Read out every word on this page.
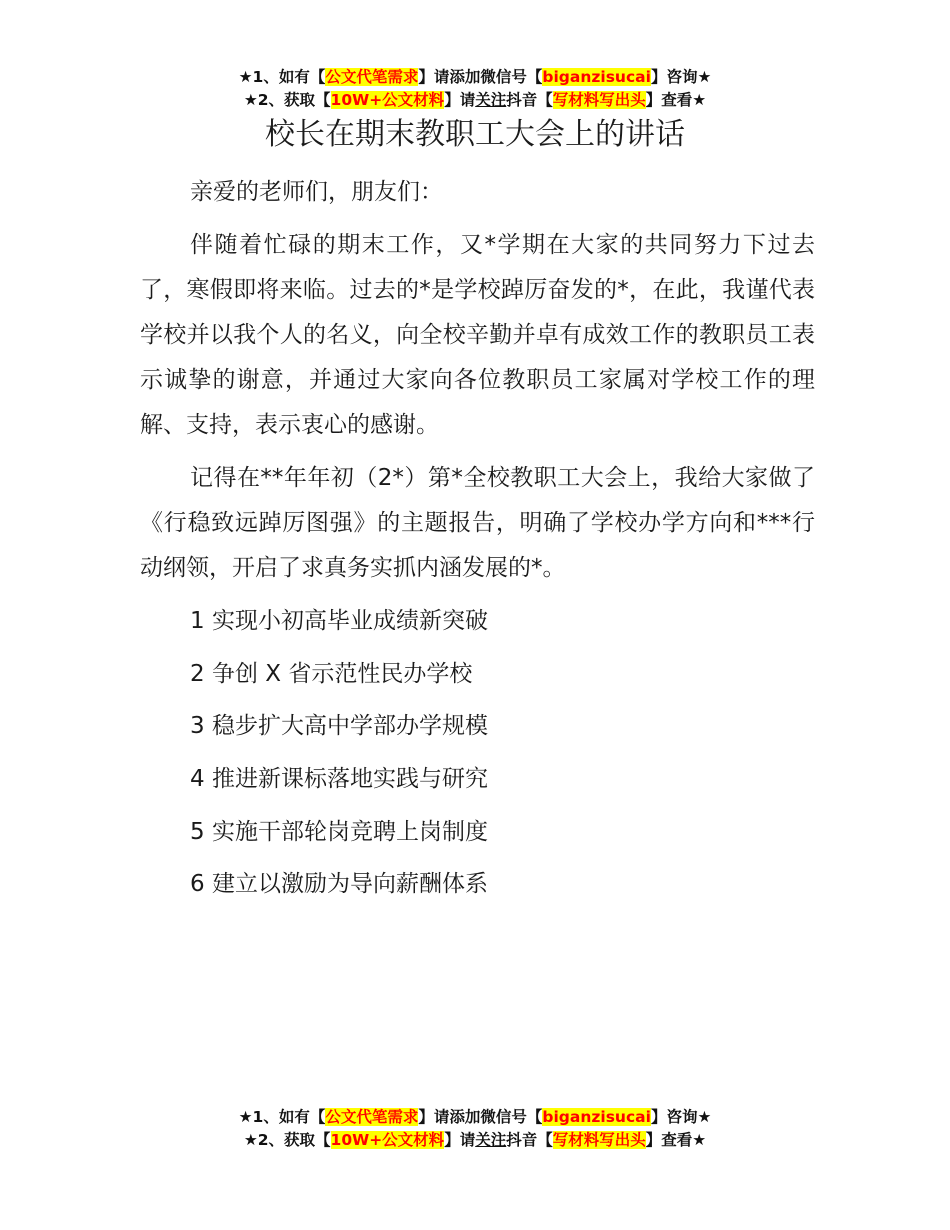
★1、如有【公文代笔需求】请添加微信号【biganzisucai】咨询★
★2、获取【10W+公文材料】请关注抖音【写材料写出头】查看★
校长在期末教职工大会上的讲话

亲爱的老师们，朋友们：

伴随着忙碌的期末工作，又*学期在大家的共同努力下过去了，寒假即将来临。过去的*是学校踔厉奋发的*，在此，我谨代表学校并以我个人的名义，向全校辛勤并卓有成效工作的教职员工表示诚挚的谢意，并通过大家向各位教职员工家属对学校工作的理解、支持，表示衷心的感谢。

记得在**年年初（2*）第*全校教职工大会上，我给大家做了《行稳致远踔厉图强》的主题报告，明确了学校办学方向和***行动纲领，开启了求真务实抓内涵发展的*。

1 实现小初高毕业成绩新突破
2 争创 X 省示范性民办学校
3 稳步扩大高中学部办学规模
4 推进新课标落地实践与研究
5 实施干部轮岗竞聘上岗制度
6 建立以激励为导向薪酬体系
★1、如有【公文代笔需求】请添加微信号【biganzisucai】咨询★
★2、获取【10W+公文材料】请关注抖音【写材料写出头】查看★
